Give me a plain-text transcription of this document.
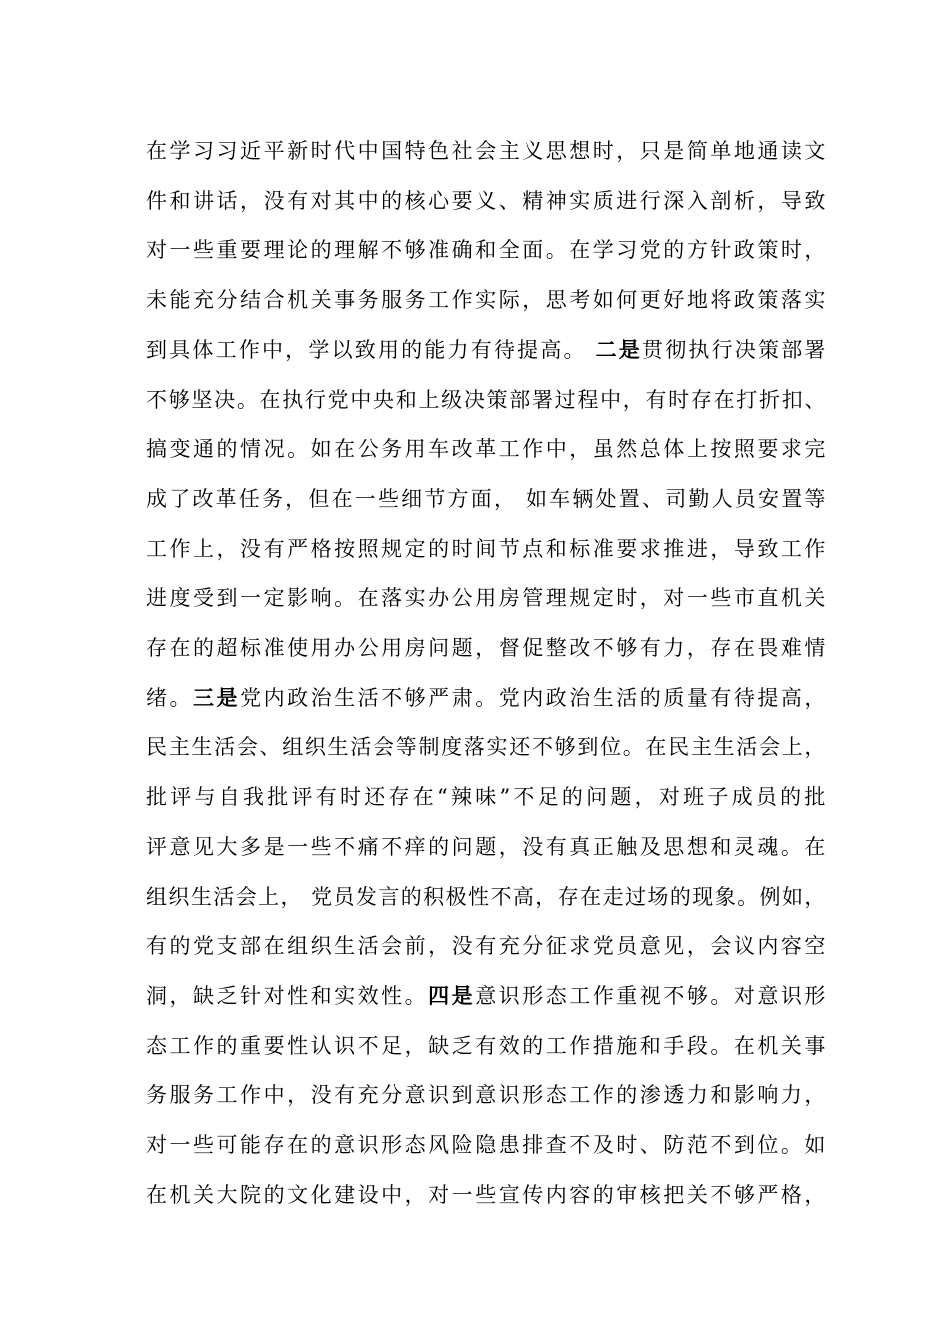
在学习习近平新时代中国特色社会主义思想时，只是简单地通读文
件和讲话，没有对其中的核心要义、精神实质进行深入剖析，导致
对一些重要理论的理解不够准确和全面。在学习党的方针政策时，
未能充分结合机关事务服务工作实际，思考如何更好地将政策落实
到具体工作中，学以致用的能力有待提高。 二是贯彻执行决策部署
不够坚决。在执行党中央和上级决策部署过程中，有时存在打折扣、
搞变通的情况。如在公务用车改革工作中，虽然总体上按照要求完
成了改革任务，但在一些细节方面， 如车辆处置、司勤人员安置等
工作上，没有严格按照规定的时间节点和标准要求推进，导致工作
进度受到一定影响。在落实办公用房管理规定时，对一些市直机关
存在的超标准使用办公用房问题，督促整改不够有力，存在畏难情
绪。三是党内政治生活不够严肃。党内政治生活的质量有待提高，
民主生活会、组织生活会等制度落实还不够到位。在民主生活会上，
批评与自我批评有时还存在“辣味”不足的问题，对班子成员的批
评意见大多是一些不痛不痒的问题，没有真正触及思想和灵魂。在
组织生活会上， 党员发言的积极性不高，存在走过场的现象。例如，
有的党支部在组织生活会前，没有充分征求党员意见，会议内容空
洞，缺乏针对性和实效性。四是意识形态工作重视不够。对意识形
态工作的重要性认识不足，缺乏有效的工作措施和手段。在机关事
务服务工作中，没有充分意识到意识形态工作的渗透力和影响力，
对一些可能存在的意识形态风险隐患排查不及时、防范不到位。如
在机关大院的文化建设中，对一些宣传内容的审核把关不够严格，
